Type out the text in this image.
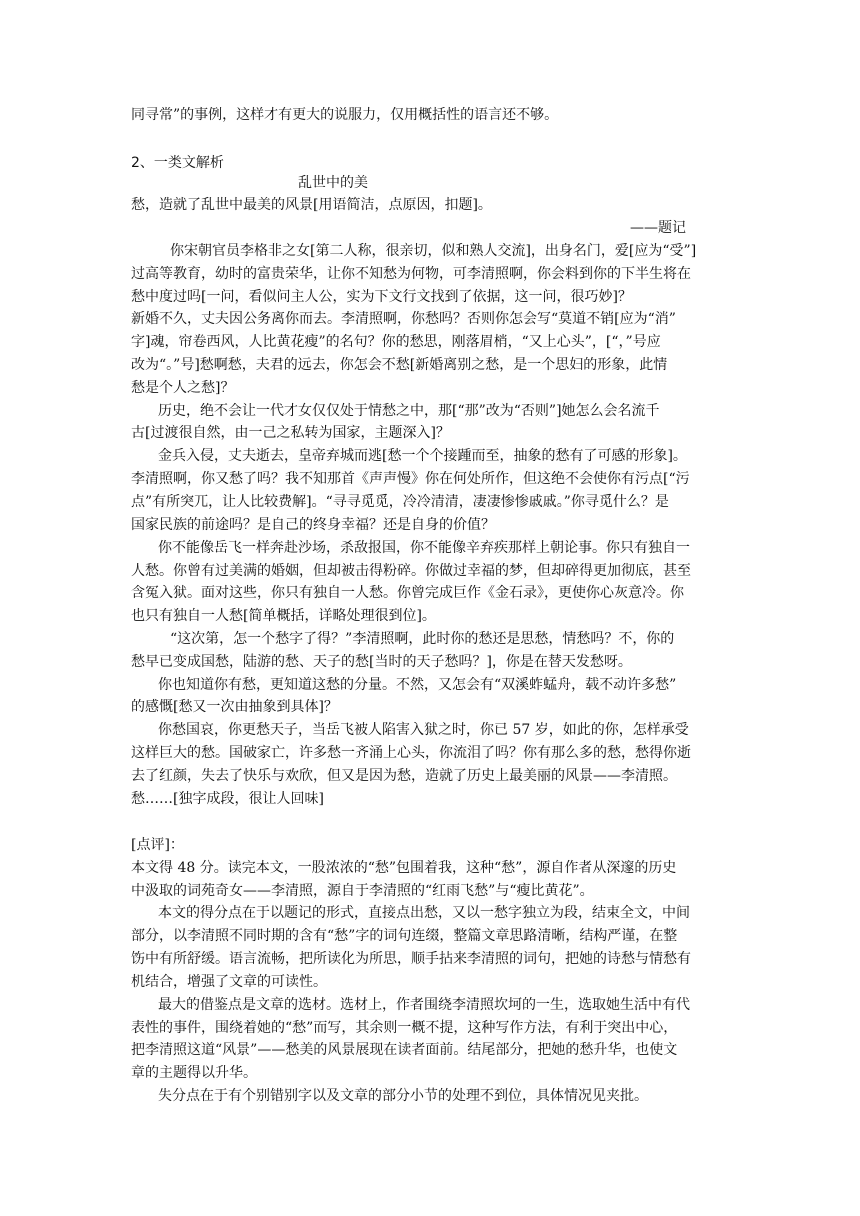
同寻常”的事例，这样才有更大的说服力，仅用概括性的语言还不够。
2、一类文解析
乱世中的美
愁，造就了乱世中最美的风景[用语简洁，点原因，扣题]。
——题记
你宋朝官员李格非之女[第二人称，很亲切，似和熟人交流]，出身名门，爱[应为“受”]
过高等教育，幼时的富贵荣华，让你不知愁为何物，可李清照啊，你会料到你的下半生将在
愁中度过吗[一问，看似问主人公，实为下文行文找到了依据，这一问，很巧妙]？
新婚不久，丈夫因公务离你而去。李清照啊，你愁吗？否则你怎会写“莫道不销[应为“消”
字]魂，帘卷西风，人比黄花瘦”的名句？你的愁思，刚落眉梢，“又上心头”，[“，”号应
改为“。”号]愁啊愁，夫君的远去，你怎会不愁[新婚离别之愁，是一个思妇的形象，此情
愁是个人之愁]？
历史，绝不会让一代才女仅仅处于情愁之中，那[“那”改为“否则”]她怎么会名流千
古[过渡很自然，由一己之私转为国家，主题深入]？
金兵入侵，丈夫逝去，皇帝弃城而逃[愁一个个接踵而至，抽象的愁有了可感的形象]。
李清照啊，你又愁了吗？我不知那首《声声慢》你在何处所作，但这绝不会使你有污点[“污
点”有所突兀，让人比较费解]。“寻寻觅觅，冷冷清清，凄凄惨惨戚戚。”你寻觅什么？是
国家民族的前途吗？是自己的终身幸福？还是自身的价值？
你不能像岳飞一样奔赴沙场，杀敌报国，你不能像辛弃疾那样上朝论事。你只有独自一
人愁。你曾有过美满的婚姻，但却被击得粉碎。你做过幸福的梦，但却碎得更加彻底，甚至
含冤入狱。面对这些，你只有独自一人愁。你曾完成巨作《金石录》，更使你心灰意冷。你
也只有独自一人愁[简单概括，详略处理很到位]。
“这次第，怎一个愁字了得？”李清照啊，此时你的愁还是思愁，情愁吗？不，你的
愁早已变成国愁，陆游的愁、天子的愁[当时的天子愁吗？]，你是在替天发愁呀。
你也知道你有愁，更知道这愁的分量。不然，又怎会有“双溪蚱蜢舟，载不动许多愁”
的感慨[愁又一次由抽象到具体]？
你愁国哀，你更愁天子，当岳飞被人陷害入狱之时，你已 57 岁，如此的你，怎样承受
这样巨大的愁。国破家亡，许多愁一齐涌上心头，你流泪了吗？你有那么多的愁，愁得你逝
去了红颜，失去了快乐与欢欣，但又是因为愁，造就了历史上最美丽的风景——李清照。
愁……[独字成段，很让人回味]
[点评]：
本文得 48 分。读完本文，一股浓浓的“愁”包围着我，这种“愁”，源自作者从深邃的历史
中汲取的词苑奇女——李清照，源自于李清照的“红雨飞愁”与“瘦比黄花”。
本文的得分点在于以题记的形式，直接点出愁，又以一愁字独立为段，结束全文，中间
部分，以李清照不同时期的含有“愁”字的词句连缀，整篇文章思路清晰，结构严谨，在整
饬中有所舒缓。语言流畅，把所读化为所思，顺手拈来李清照的词句，把她的诗愁与情愁有
机结合，增强了文章的可读性。
最大的借鉴点是文章的选材。选材上，作者围绕李清照坎坷的一生，选取她生活中有代
表性的事件，围绕着她的“愁”而写，其余则一概不提，这种写作方法，有利于突出中心，
把李清照这道“风景”——愁美的风景展现在读者面前。结尾部分，把她的愁升华，也使文
章的主题得以升华。
失分点在于有个别错别字以及文章的部分小节的处理不到位，具体情况见夹批。
